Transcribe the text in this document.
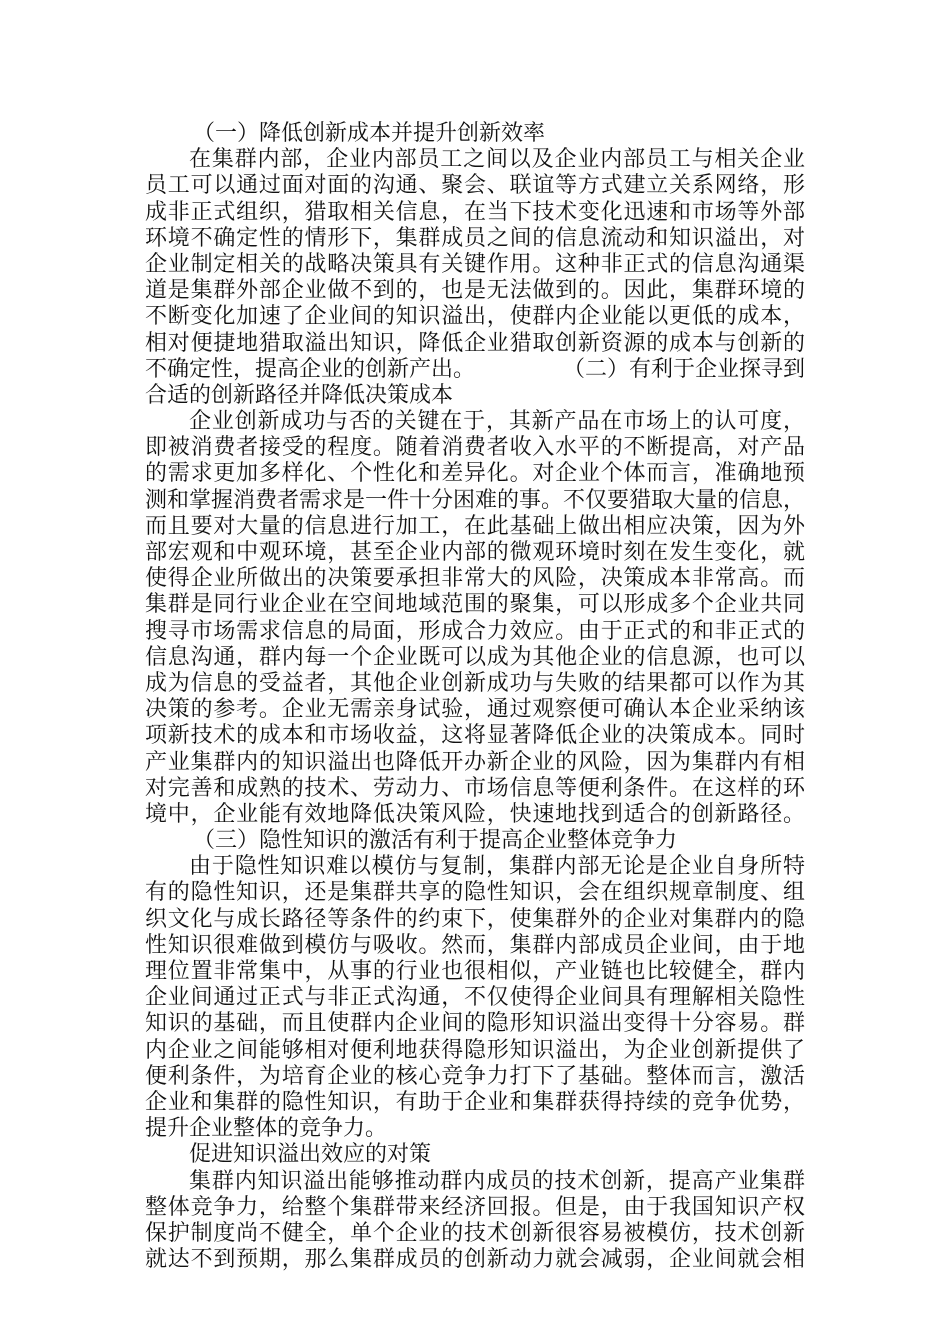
（一）降低创新成本并提升创新效率
在集群内部，企业内部员工之间以及企业内部员工与相关企业
员工可以通过面对面的沟通、聚会、联谊等方式建立关系网络，形
成非正式组织，猎取相关信息，在当下技术变化迅速和市场等外部
环境不确定性的情形下，集群成员之间的信息流动和知识溢出，对
企业制定相关的战略决策具有关键作用。这种非正式的信息沟通渠
道是集群外部企业做不到的，也是无法做到的。因此，集群环境的
不断变化加速了企业间的知识溢出，使群内企业能以更低的成本，
相对便捷地猎取溢出知识，降低企业猎取创新资源的成本与创新的
不确定性，提高企业的创新产出。	（二）有利于企业探寻到
合适的创新路径并降低决策成本
企业创新成功与否的关键在于，其新产品在市场上的认可度，
即被消费者接受的程度。随着消费者收入水平的不断提高，对产品
的需求更加多样化、个性化和差异化。对企业个体而言，准确地预
测和掌握消费者需求是一件十分困难的事。不仅要猎取大量的信息，
而且要对大量的信息进行加工，在此基础上做出相应决策，因为外
部宏观和中观环境，甚至企业内部的微观环境时刻在发生变化，就
使得企业所做出的决策要承担非常大的风险，决策成本非常高。而
集群是同行业企业在空间地域范围的聚集，可以形成多个企业共同
搜寻市场需求信息的局面，形成合力效应。由于正式的和非正式的
信息沟通，群内每一个企业既可以成为其他企业的信息源，也可以
成为信息的受益者，其他企业创新成功与失败的结果都可以作为其
决策的参考。企业无需亲身试验，通过观察便可确认本企业采纳该
项新技术的成本和市场收益，这将显著降低企业的决策成本。同时
产业集群内的知识溢出也降低开办新企业的风险，因为集群内有相
对完善和成熟的技术、劳动力、市场信息等便利条件。在这样的环
境中，企业能有效地降低决策风险，快速地找到适合的创新路径。
（三）隐性知识的激活有利于提高企业整体竞争力
由于隐性知识难以模仿与复制，集群内部无论是企业自身所特
有的隐性知识，还是集群共享的隐性知识，会在组织规章制度、组
织文化与成长路径等条件的约束下，使集群外的企业对集群内的隐
性知识很难做到模仿与吸收。然而，集群内部成员企业间，由于地
理位置非常集中，从事的行业也很相似，产业链也比较健全，群内
企业间通过正式与非正式沟通，不仅使得企业间具有理解相关隐性
知识的基础，而且使群内企业间的隐形知识溢出变得十分容易。群
内企业之间能够相对便利地获得隐形知识溢出，为企业创新提供了
便利条件，为培育企业的核心竞争力打下了基础。整体而言，激活
企业和集群的隐性知识，有助于企业和集群获得持续的竞争优势，
提升企业整体的竞争力。
促进知识溢出效应的对策
集群内知识溢出能够推动群内成员的技术创新，提高产业集群
整体竞争力，给整个集群带来经济回报。但是，由于我国知识产权
保护制度尚不健全，单个企业的技术创新很容易被模仿，技术创新
就达不到预期，那么集群成员的创新动力就会减弱，企业间就会相
